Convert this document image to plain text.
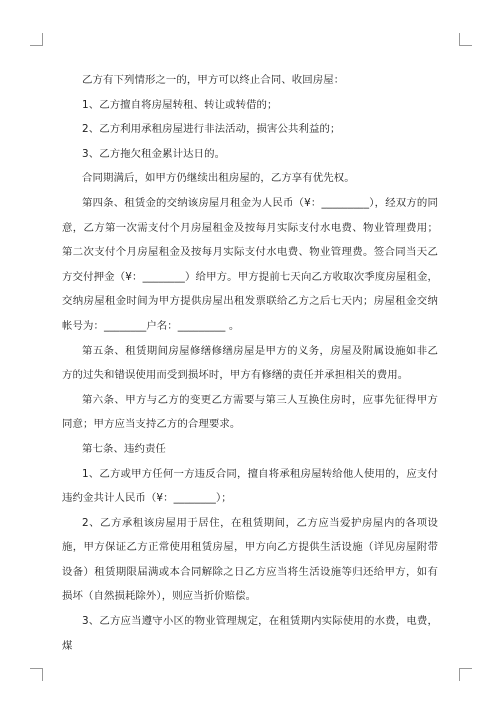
乙方有下列情形之一的，甲方可以终止合同、收回房屋：

1、乙方擅自将房屋转租、转让或转借的；

2、乙方利用承租房屋进行非法活动，损害公共利益的；

3、乙方拖欠租金累计达日的。

合同期满后，如甲方仍继续出租房屋的，乙方享有优先权。

第四条、租赁金的交纳该房屋月租金为人民币（¥：_________），经双方的同意，乙方第一次需支付个月房屋租金及按每月实际支付水电费、物业管理费用；第二次支付个月房屋租金及按每月实际支付水电费、物业管理费。签合同当天乙方交付押金（¥：________）给甲方。甲方提前七天向乙方收取次季度房屋租金，交纳房屋租金时间为甲方提供房屋出租发票联给乙方之后七天内；房屋租金交纳帐号为：________户名：_________ 。

第五条、租赁期间房屋修缮修缮房屋是甲方的义务，房屋及附属设施如非乙方的过失和错误使用而受到损坏时，甲方有修缮的责任并承担相关的费用。

第六条、甲方与乙方的变更乙方需要与第三人互换住房时，应事先征得甲方同意；甲方应当支持乙方的合理要求。

第七条、违约责任

1、乙方或甲方任何一方违反合同，擅自将承租房屋转给他人使用的，应支付违约金共计人民币（¥：________）；

2、乙方承租该房屋用于居住，在租赁期间，乙方应当爱护房屋内的各项设施，甲方保证乙方正常使用租赁房屋，甲方向乙方提供生活设施（详见房屋附带设备）租赁期限届满或本合同解除之日乙方应当将生活设施等归还给甲方，如有损坏（自然损耗除外），则应当折价赔偿。

3、乙方应当遵守小区的物业管理规定，在租赁期内实际使用的水费，电费，煤
